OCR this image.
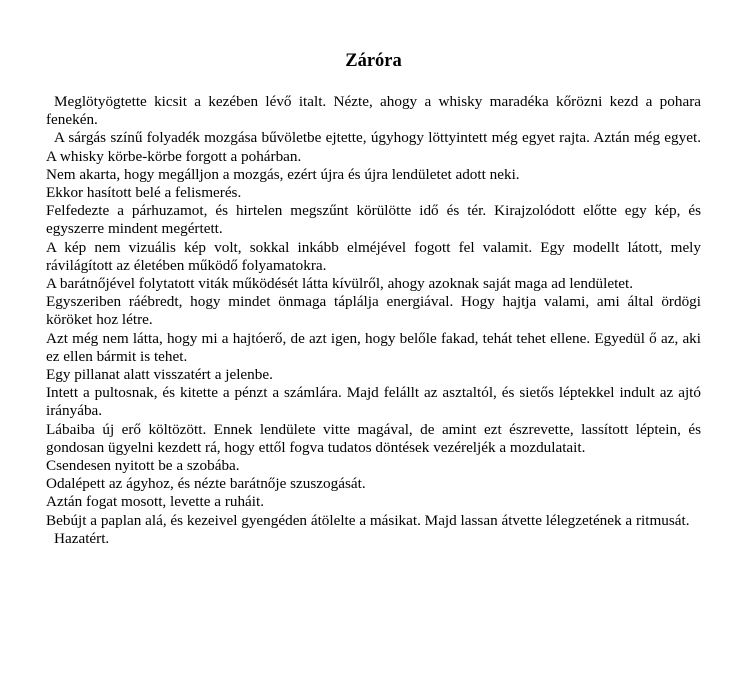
Záróra

Meglötyögtette kicsit a kezében lévő italt. Nézte, ahogy a whisky maradéka kőrözni kezd a pohara fenekén.

A sárgás színű folyadék mozgása bűvöletbe ejtette, úgyhogy löttyintett még egyet rajta. Aztán még egyet. A whisky körbe-körbe forgott a pohárban.

Nem akarta, hogy megálljon a mozgás, ezért újra és újra lendületet adott neki.

Ekkor hasított belé a felismerés.

Felfedezte a párhuzamot, és hirtelen megszűnt körülötte idő és tér. Kirajzolódott előtte egy kép, és egyszerre mindent megértett.

A kép nem vizuális kép volt, sokkal inkább elméjével fogott fel valamit. Egy modellt látott, mely rávilágított az életében működő folyamatokra.

A barátnőjével folytatott viták működését látta kívülről, ahogy azoknak saját maga ad lendületet.

Egyszeriben ráébredt, hogy mindet önmaga táplálja energiával. Hogy hajtja valami, ami által ördögi köröket hoz létre.

Azt még nem látta, hogy mi a hajtóerő, de azt igen, hogy belőle fakad, tehát tehet ellene. Egyedül ő az, aki ez ellen bármit is tehet.

Egy pillanat alatt visszatért a jelenbe.

Intett a pultosnak, és kitette a pénzt a számlára. Majd felállt az asztaltól, és sietős léptekkel indult az ajtó irányába.

Lábaiba új erő költözött. Ennek lendülete vitte magával, de amint ezt észrevette, lassított léptein, és gondosan ügyelni kezdett rá, hogy ettől fogva tudatos döntések vezéreljék a mozdulatait.

Csendesen nyitott be a szobába.

Odalépett az ágyhoz, és nézte barátnője szuszogását.

Aztán fogat mosott, levette a ruháit.

Bebújt a paplan alá, és kezeivel gyengéden átölelte a másikat. Majd lassan átvette lélegzetének a ritmusát.

Hazatért.
